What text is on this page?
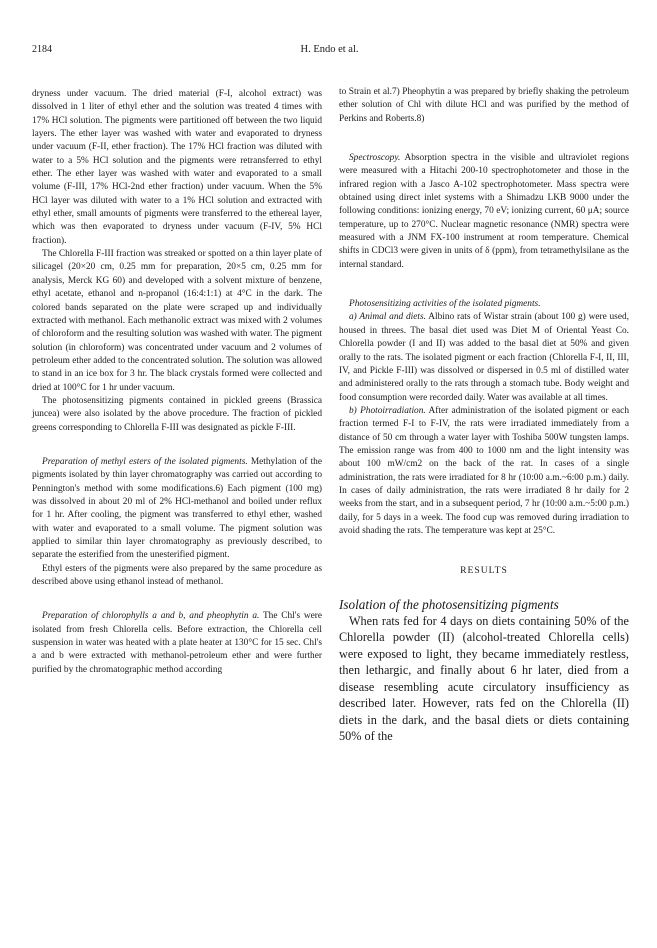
2184	H. Endo et al.

dryness under vacuum. The dried material (F-I, alcohol extract) was dissolved in 1 liter of ethyl ether and the solution was treated 4 times with 17% HCl solution. The pigments were partitioned off between the two liquid layers. The ether layer was washed with water and evaporated to dryness under vacuum (F-II, ether fraction). The 17% HCl fraction was diluted with water to a 5% HCl solution and the pigments were retransferred to ethyl ether. The ether layer was washed with water and evaporated to a small volume (F-III, 17% HCl-2nd ether fraction) under vacuum. When the 5% HCl layer was diluted with water to a 1% HCl solution and extracted with ethyl ether, small amounts of pigments were transferred to the ethereal layer, which was then evaporated to dryness under vacuum (F-IV, 5% HCl fraction).

The Chlorella F-III fraction was streaked or spotted on a thin layer plate of silicagel (20×20 cm, 0.25 mm for preparation, 20×5 cm, 0.25 mm for analysis, Merck KG 60) and developed with a solvent mixture of benzene, ethyl acetate, ethanol and n-propanol (16:4:1:1) at 4°C in the dark. The colored bands separated on the plate were scraped up and individually extracted with methanol. Each methanolic extract was mixed with 2 volumes of chloroform and the resulting solution was washed with water. The pigment solution (in chloroform) was concentrated under vacuum and 2 volumes of petroleum ether added to the concentrated solution. The solution was allowed to stand in an ice box for 3 hr. The black crystals formed were collected and dried at 100°C for 1 hr under vacuum.

The photosensitizing pigments contained in pickled greens (Brassica juncea) were also isolated by the above procedure. The fraction of pickled greens corresponding to Chlorella F-III was designated as pickle F-III.

Preparation of methyl esters of the isolated pigments. Methylation of the pigments isolated by thin layer chromatography was carried out according to Pennington's method with some modifications.6) Each pigment (100 mg) was dissolved in about 20 ml of 2% HCl-methanol and boiled under reflux for 1 hr. After cooling, the pigment was transferred to ethyl ether, washed with water and evaporated to a small volume. The pigment solution was applied to similar thin layer chromatography as previously described, to separate the esterified from the unesterified pigment.

Ethyl esters of the pigments were also prepared by the same procedure as described above using ethanol instead of methanol.

Preparation of chlorophylls a and b, and pheophytin a. The Chl's were isolated from fresh Chlorella cells. Before extraction, the Chlorella cell suspension in water was heated with a plate heater at 130°C for 15 sec. Chl's a and b were extracted with methanol-petroleum ether and were further purified by the chromatographic method according

to Strain et al.7) Pheophytin a was prepared by briefly shaking the petroleum ether solution of Chl with dilute HCl and was purified by the method of Perkins and Roberts.8)

Spectroscopy. Absorption spectra in the visible and ultraviolet regions were measured with a Hitachi 200-10 spectrophotometer and those in the infrared region with a Jasco A-102 spectrophotometer. Mass spectra were obtained using direct inlet systems with a Shimadzu LKB 9000 under the following conditions: ionizing energy, 70 eV; ionizing current, 60 μA; source temperature, up to 270°C. Nuclear magnetic resonance (NMR) spectra were measured with a JNM FX-100 instrument at room temperature. Chemical shifts in CDCl3 were given in units of δ (ppm), from tetramethylsilane as the internal standard.

Photosensitizing activities of the isolated pigments.

a) Animal and diets. Albino rats of Wistar strain (about 100 g) were used, housed in threes. The basal diet used was Diet M of Oriental Yeast Co. Chlorella powder (I and II) was added to the basal diet at 50% and given orally to the rats. The isolated pigment or each fraction (Chlorella F-I, II, III, IV, and Pickle F-III) was dissolved or dispersed in 0.5 ml of distilled water and administered orally to the rats through a stomach tube. Body weight and food consumption were recorded daily. Water was available at all times.

b) Photoirradiation. After administration of the isolated pigment or each fraction termed F-I to F-IV, the rats were irradiated immediately from a distance of 50 cm through a water layer with Toshiba 500W tungsten lamps. The emission range was from 400 to 1000 nm and the light intensity was about 100 mW/cm2 on the back of the rat. In cases of a single administration, the rats were irradiated for 8 hr (10:00 a.m.~6:00 p.m.) daily. In cases of daily administration, the rats were irradiated 8 hr daily for 2 weeks from the start, and in a subsequent period, 7 hr (10:00 a.m.~5:00 p.m.) daily, for 5 days in a week. The food cup was removed during irradiation to avoid shading the rats. The temperature was kept at 25°C.

RESULTS

Isolation of the photosensitizing pigments

When rats fed for 4 days on diets containing 50% of the Chlorella powder (II) (alcohol-treated Chlorella cells) were exposed to light, they became immediately restless, then lethargic, and finally about 6 hr later, died from a disease resembling acute circulatory insufficiency as described later. However, rats fed on the Chlorella (II) diets in the dark, and the basal diets or diets containing 50% of the
